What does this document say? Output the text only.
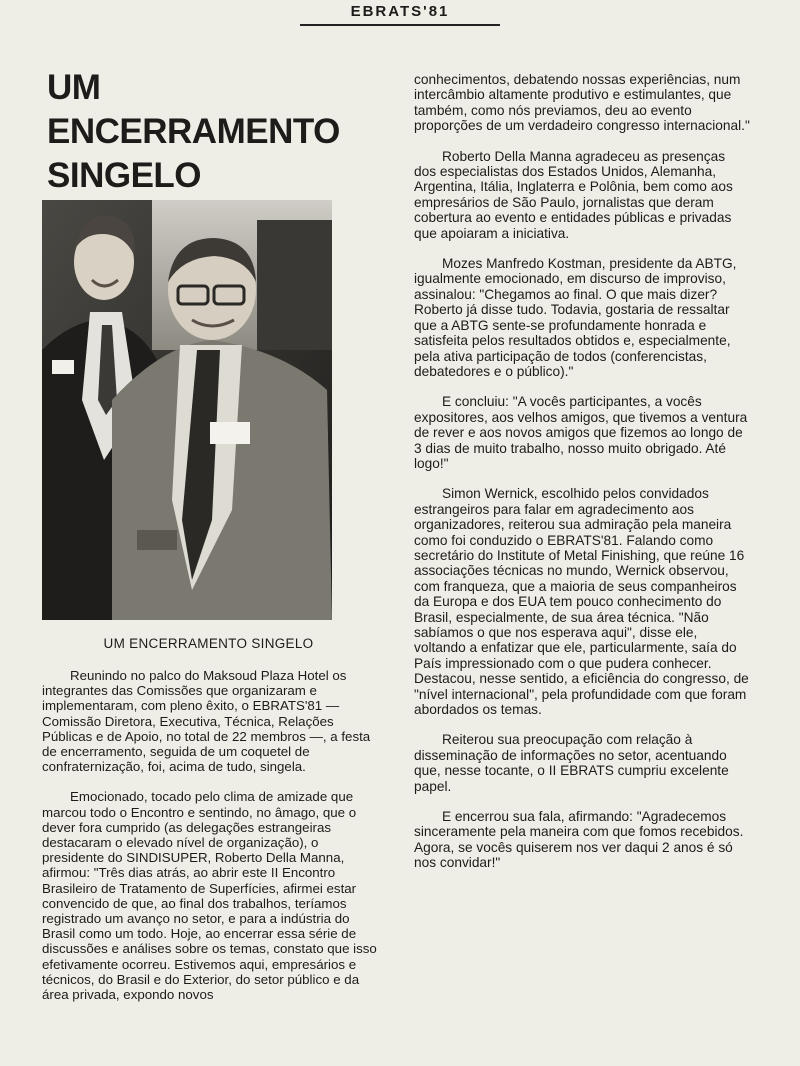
EBRATS'81
UM
ENCERRAMENTO
SINGELO
UM ENCERRAMENTO SINGELO

Reunindo no palco do Maksoud Plaza Hotel os integrantes das Comissões que organizaram e implementaram, com pleno êxito, o EBRATS'81 — Comissão Diretora, Executiva, Técnica, Relações Públicas e de Apoio, no total de 22 membros —, a festa de encerramento, seguida de um coquetel de confraternização, foi, acima de tudo, singela.

Emocionado, tocado pelo clima de amizade que marcou todo o Encontro e sentindo, no âmago, que o dever fora cumprido (as delegações estrangeiras destacaram o elevado nível de organização), o presidente do SINDISUPER, Roberto Della Manna, afirmou: "Três dias atrás, ao abrir este II Encontro Brasileiro de Tratamento de Superfícies, afirmei estar convencido de que, ao final dos trabalhos, teríamos registrado um avanço no setor, e para a indústria do Brasil como um todo. Hoje, ao encerrar essa série de discussões e análises sobre os temas, constato que isso efetivamente ocorreu. Estivemos aqui, empresários e técnicos, do Brasil e do Exterior, do setor público e da área privada, expondo novos

conhecimentos, debatendo nossas experiências, num intercâmbio altamente produtivo e estimulantes, que também, como nós previamos, deu ao evento proporções de um verdadeiro congresso internacional."

Roberto Della Manna agradeceu as presenças dos especialistas dos Estados Unidos, Alemanha, Argentina, Itália, Inglaterra e Polônia, bem como aos empresários de São Paulo, jornalistas que deram cobertura ao evento e entidades públicas e privadas que apoiaram a iniciativa.

Mozes Manfredo Kostman, presidente da ABTG, igualmente emocionado, em discurso de improviso, assinalou: "Chegamos ao final. O que mais dizer? Roberto já disse tudo. Todavia, gostaria de ressaltar que a ABTG sente-se profundamente honrada e satisfeita pelos resultados obtidos e, especialmente, pela ativa participação de todos (conferencistas, debatedores e o público)."

E concluiu: "A vocês participantes, a vocês expositores, aos velhos amigos, que tivemos a ventura de rever e aos novos amigos que fizemos ao longo de 3 dias de muito trabalho, nosso muito obrigado. Até logo!"

Simon Wernick, escolhido pelos convidados estrangeiros para falar em agradecimento aos organizadores, reiterou sua admiração pela maneira como foi conduzido o EBRATS'81. Falando como secretário do Institute of Metal Finishing, que reúne 16 associações técnicas no mundo, Wernick observou, com franqueza, que a maioria de seus companheiros da Europa e dos EUA tem pouco conhecimento do Brasil, especialmente, de sua área técnica. "Não sabíamos o que nos esperava aqui", disse ele, voltando a enfatizar que ele, particularmente, saía do País impressionado com o que pudera conhecer. Destacou, nesse sentido, a eficiência do congresso, de "nível internacional", pela profundidade com que foram abordados os temas.

Reiterou sua preocupação com relação à disseminação de informações no setor, acentuando que, nesse tocante, o II EBRATS cumpriu excelente papel.

E encerrou sua fala, afirmando: "Agradecemos sinceramente pela maneira com que fomos recebidos. Agora, se vocês quiserem nos ver daqui 2 anos é só nos convidar!"
